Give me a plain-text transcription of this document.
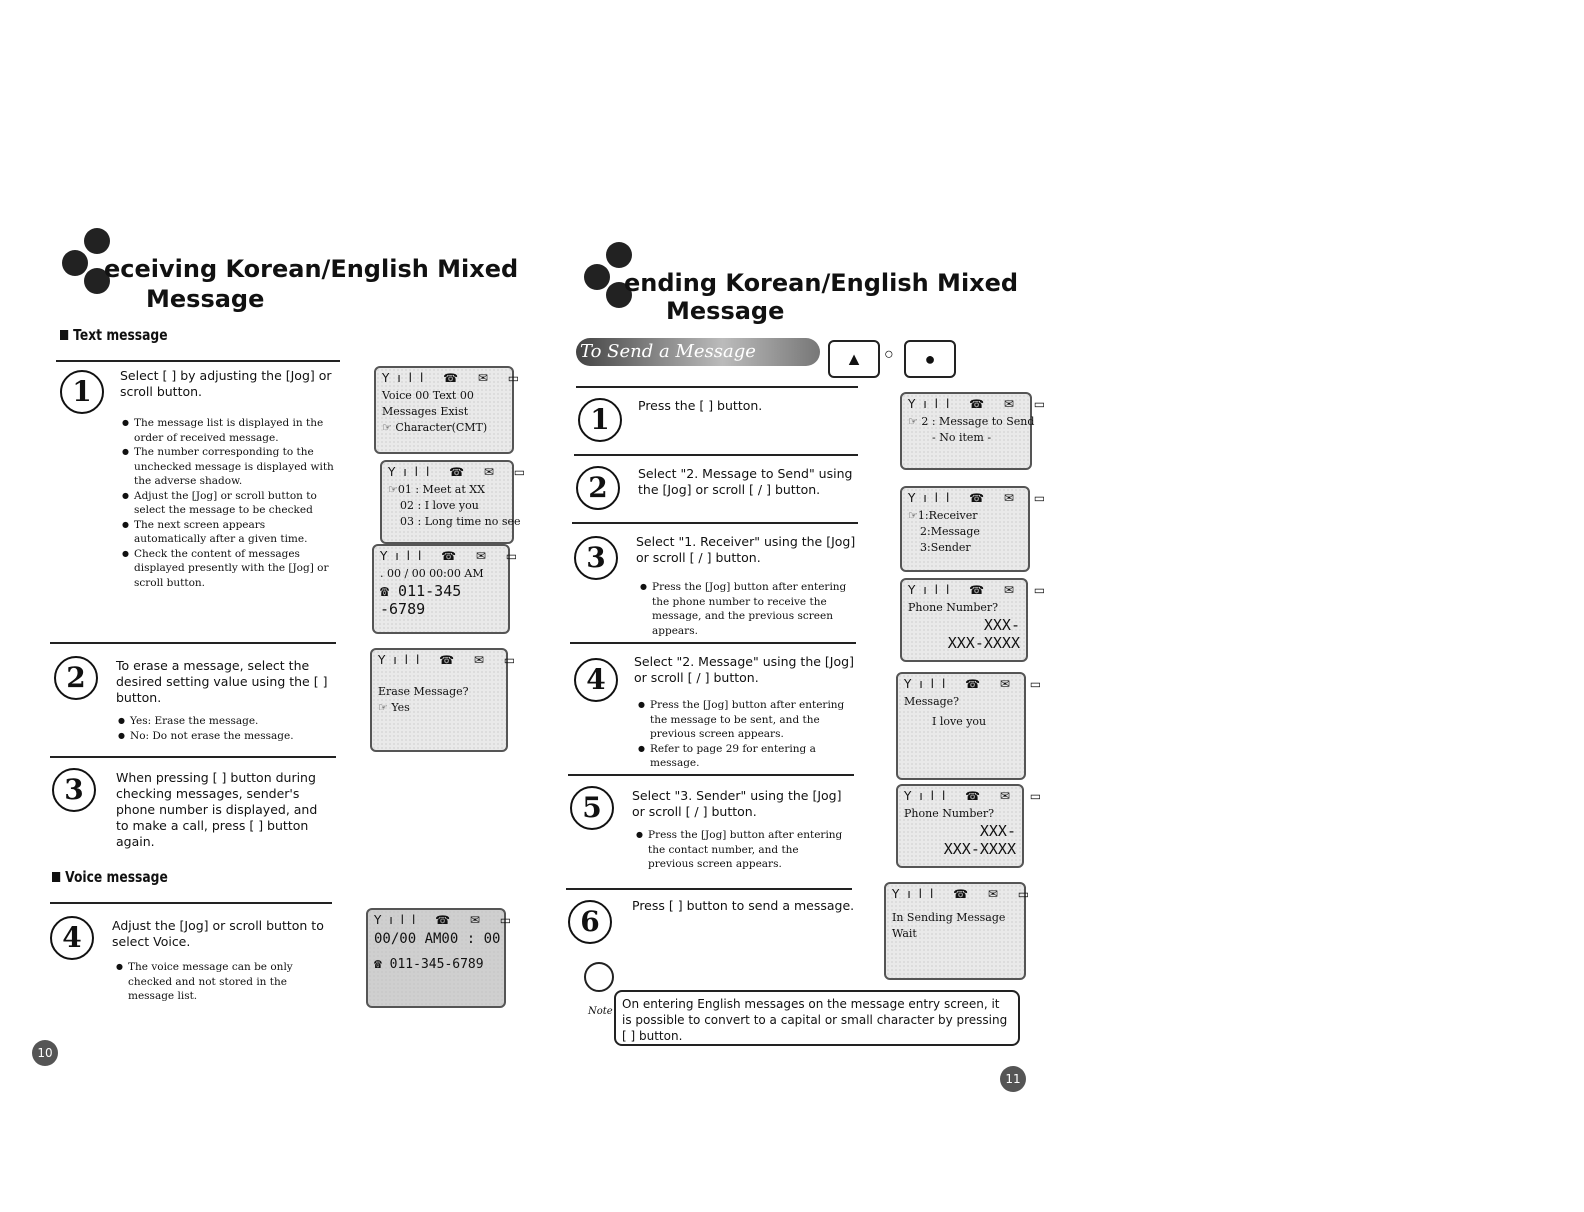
eceiving Korean/English Mixed
Message
Text message
1	Select [ ] by adjusting the [Jog] or scroll button.
● The message list is displayed in the order of received message.
● The number corresponding to the unchecked message is displayed with the adverse shadow.
● Adjust the [Jog] or scroll button to select the message to be checked
● The next screen appears automatically after a given time.
● Check the content of messages displayed presently with the [Jog] or scroll button.
Yıll ☎ ✉ ▭
Voice 00 Text 00
Messages Exist
☞ Character(CMT)
Yıll ☎ ✉ ▭
☞01 : Meet at XX
02 : I love you
03 : Long time no see
Yıll ☎ ✉ ▭
. 00 / 00 00:00 AM
☎ 011-345
-6789
2	To erase a message, select the desired setting value using the [ ] button.
● Yes: Erase the message.
● No: Do not erase the message.
Yıll ☎ ✉ ▭
Erase Message?
☞ Yes
3	When pressing [ ] button during checking messages, sender's phone number is displayed, and to make a call, press [ ] button again.
Voice message
4	Adjust the [Jog] or scroll button to select Voice.
● The voice message can be only checked and not stored in the message list.
Yıll ☎ ✉ ▭
00/00 AM00 : 00
☎ 011-345-6789
10
ending Korean/English Mixed
Message
To Send a Message	▲	○	●
1	Press the [ ] button.
2	Select "2. Message to Send" using the [Jog] or scroll [ / ] button.
3	Select "1. Receiver" using the [Jog] or scroll [ / ] button.
● Press the [Jog] button after entering the phone number to receive the message, and the previous screen appears.
4
Select "2. Message" using the [Jog] or scroll [ / ] button.
● Press the [Jog] button after entering the message to be sent, and the previous screen appears.
● Refer to page 29 for entering a message.
5	Select "3. Sender" using the [Jog] or scroll [ / ] button.
● Press the [Jog] button after entering the contact number, and the previous screen appears.
6	Press [ ] button to send a message.
Yıll ☎ ✉ ▭
☞ 2 : Message to Send
- No item -
Yıll ☎ ✉ ▭
☞1:Receiver
2:Message
3:Sender
Yıll ☎ ✉ ▭
Phone Number?
XXX-
XXX-XXXX
Yıll ☎ ✉ ▭
Message?
I love you
Yıll ☎ ✉ ▭
Phone Number?
XXX-
XXX-XXXX
Yıll ☎ ✉ ▭
In Sending Message
Wait
Note
On entering English messages on the message entry screen, it is possible to convert to a capital or small character by pressing [ ] button.
11
